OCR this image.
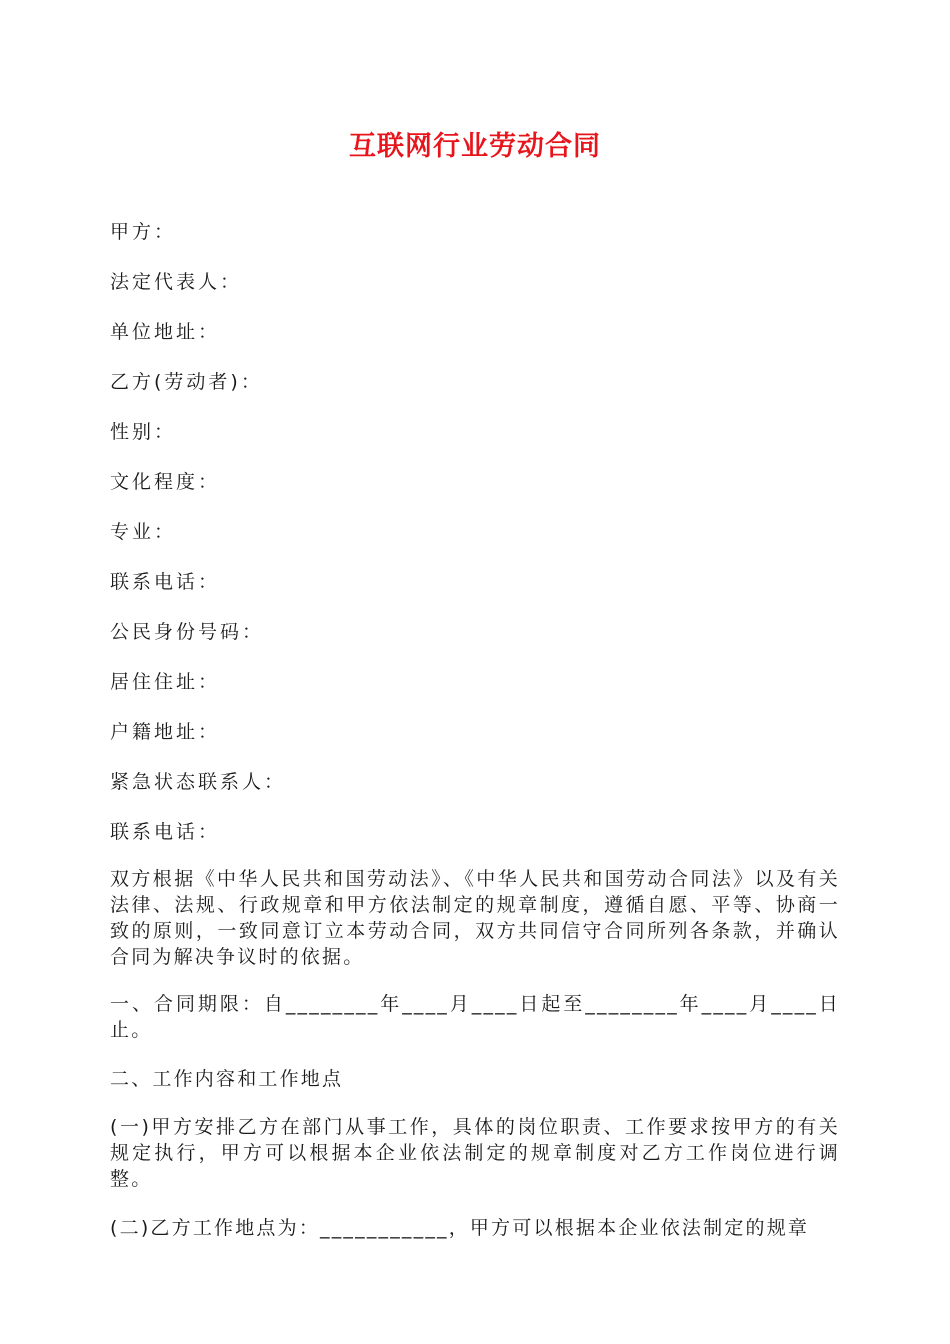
互联网行业劳动合同
甲方：
法定代表人：
单位地址：
乙方(劳动者)：
性别：
文化程度：
专业：
联系电话：
公民身份号码：
居住住址：
户籍地址：
紧急状态联系人：
联系电话：
双方根据《中华人民共和国劳动法》、《中华人民共和国劳动合同法》以及有关法律、法规、行政规章和甲方依法制定的规章制度，遵循自愿、平等、协商一致的原则，一致同意订立本劳动合同，双方共同信守合同所列各条款，并确认合同为解决争议时的依据。
一、合同期限：自________年____月____日起至________年____月____日止。
二、工作内容和工作地点
(一)甲方安排乙方在部门从事工作，具体的岗位职责、工作要求按甲方的有关规定执行，甲方可以根据本企业依法制定的规章制度对乙方工作岗位进行调整。
(二)乙方工作地点为：___________，甲方可以根据本企业依法制定的规章
